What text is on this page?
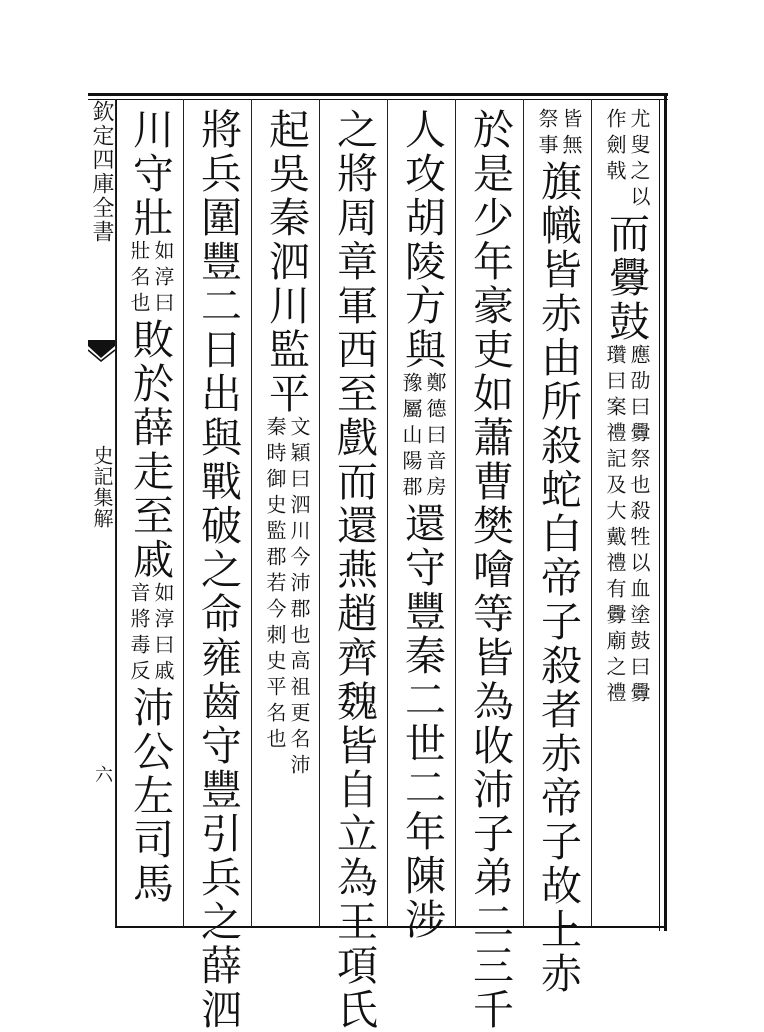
欽定四庫全書
史記集解
六
尤叟之以
作劍戟
而釁鼓
應劭曰釁祭也殺牲以血塗鼓曰釁
瓚曰案禮記及大戴禮有釁廟之禮
皆無
祭事
旗幟皆赤由所殺蛇白帝子殺者赤帝子故上赤
於是少年豪吏如蕭曹樊噲等皆為收沛子弟二三千
人攻胡陵方與
鄭德曰音房
豫屬山陽郡
還守豐秦二世二年陳涉
之將周章軍西至戲而還燕趙齊魏皆自立為王項氏
起吳秦泗川監平
文穎曰泗川今沛郡也高祖更名沛
秦時御史監郡若今刺史平名也
將兵圍豐二日出與戰破之命雍齒守豐引兵之薛泗
川守壯
如淳曰
壯名也
敗於薛走至戚
如淳曰戚
音將毒反
沛公左司馬
